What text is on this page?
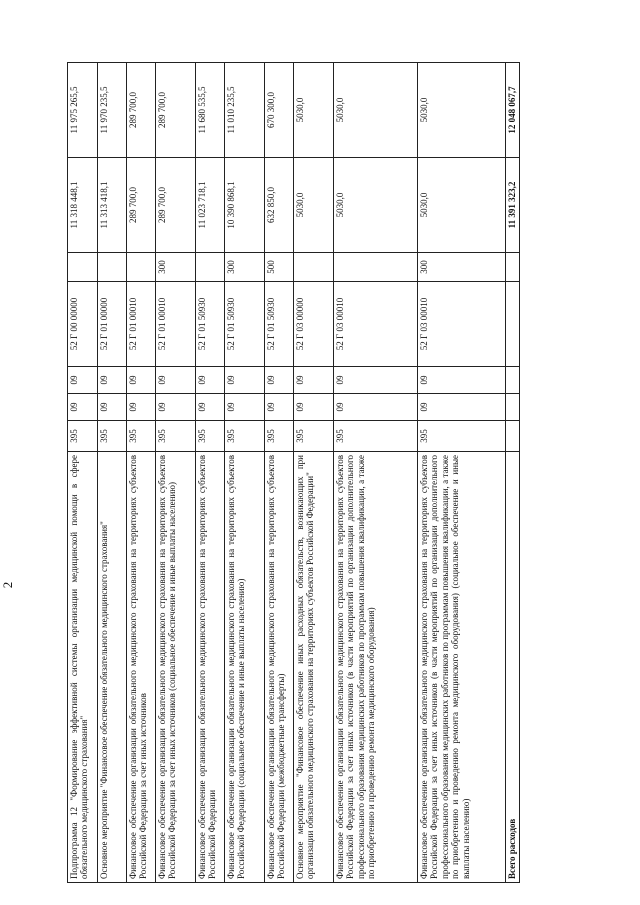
2	Подпрограмма 12 "Формирование эффективной системы организации медицинской помощи в сфере обязательного медицинского страхования"	395	09	09	52 Г 00 00000		11 318 448,1	11 975 265,5
Основное мероприятие "Финансовое обеспечение обязательного медицинского страхования"	395	09	09	52 Г 01 00000		11 313 418,1	11 970 235,5
Финансовое обеспечение организации обязательного медицинского страхования на территориях субъектов Российской Федерации за счет иных источников	395	09	09	52 Г 01 00010		289 700,0	289 700,0
Финансовое обеспечение организации обязательного медицинского страхования на территориях субъектов Российской Федерации за счет иных источников (социальное обеспечение и иные выплаты населению)	395	09	09	52 Г 01 00010	300	289 700,0	289 700,0
Финансовое обеспечение организации обязательного медицинского страхования на территориях субъектов Российской Федерации	395	09	09	52 Г 01 50930		11 023 718,1	11 680 535,5
Финансовое обеспечение организации обязательного медицинского страхования на территориях субъектов Российской Федерации (социальное обеспечение и иные выплаты населению)	395	09	09	52 Г 01 50930	300	10 390 868,1	11 010 235,5
Финансовое обеспечение организации обязательного медицинского страхования на территориях субъектов Российской Федерации (межбюджетные трансферты)	395	09	09	52 Г 01 50930	500	632 850,0	670 300,0
Основное мероприятие "Финансовое обеспечение иных расходных обязательств, возникающих при организации обязательного медицинского страхования на территориях субъектов Российской Федерации"	395	09	09	52 Г 03 00000		5030,0	5030,0
Финансовое обеспечение организации обязательного медицинского страхования на территориях субъектов Российской Федерации за счет иных источников (в части мероприятий по организации дополнительного профессионального образования медицинских работников по программам повышения квалификации, а также по приобретению и проведению ремонта медицинского оборудования)	395	09	09	52 Г 03 00010		5030,0	5030,0
Финансовое обеспечение организации обязательного медицинского страхования на территориях субъектов Российской Федерации за счет иных источников (в части мероприятий по организации дополнительного профессионального образования медицинских работников по программам повышения квалификации, а также по приобретению и проведению ремонта медицинского оборудования) (социальное обеспечение и иные выплаты населению)	395	09	09	52 Г 03 00010	300	5030,0	5030,0
Всего расходов						11 391 323,2	12 048 067,7
